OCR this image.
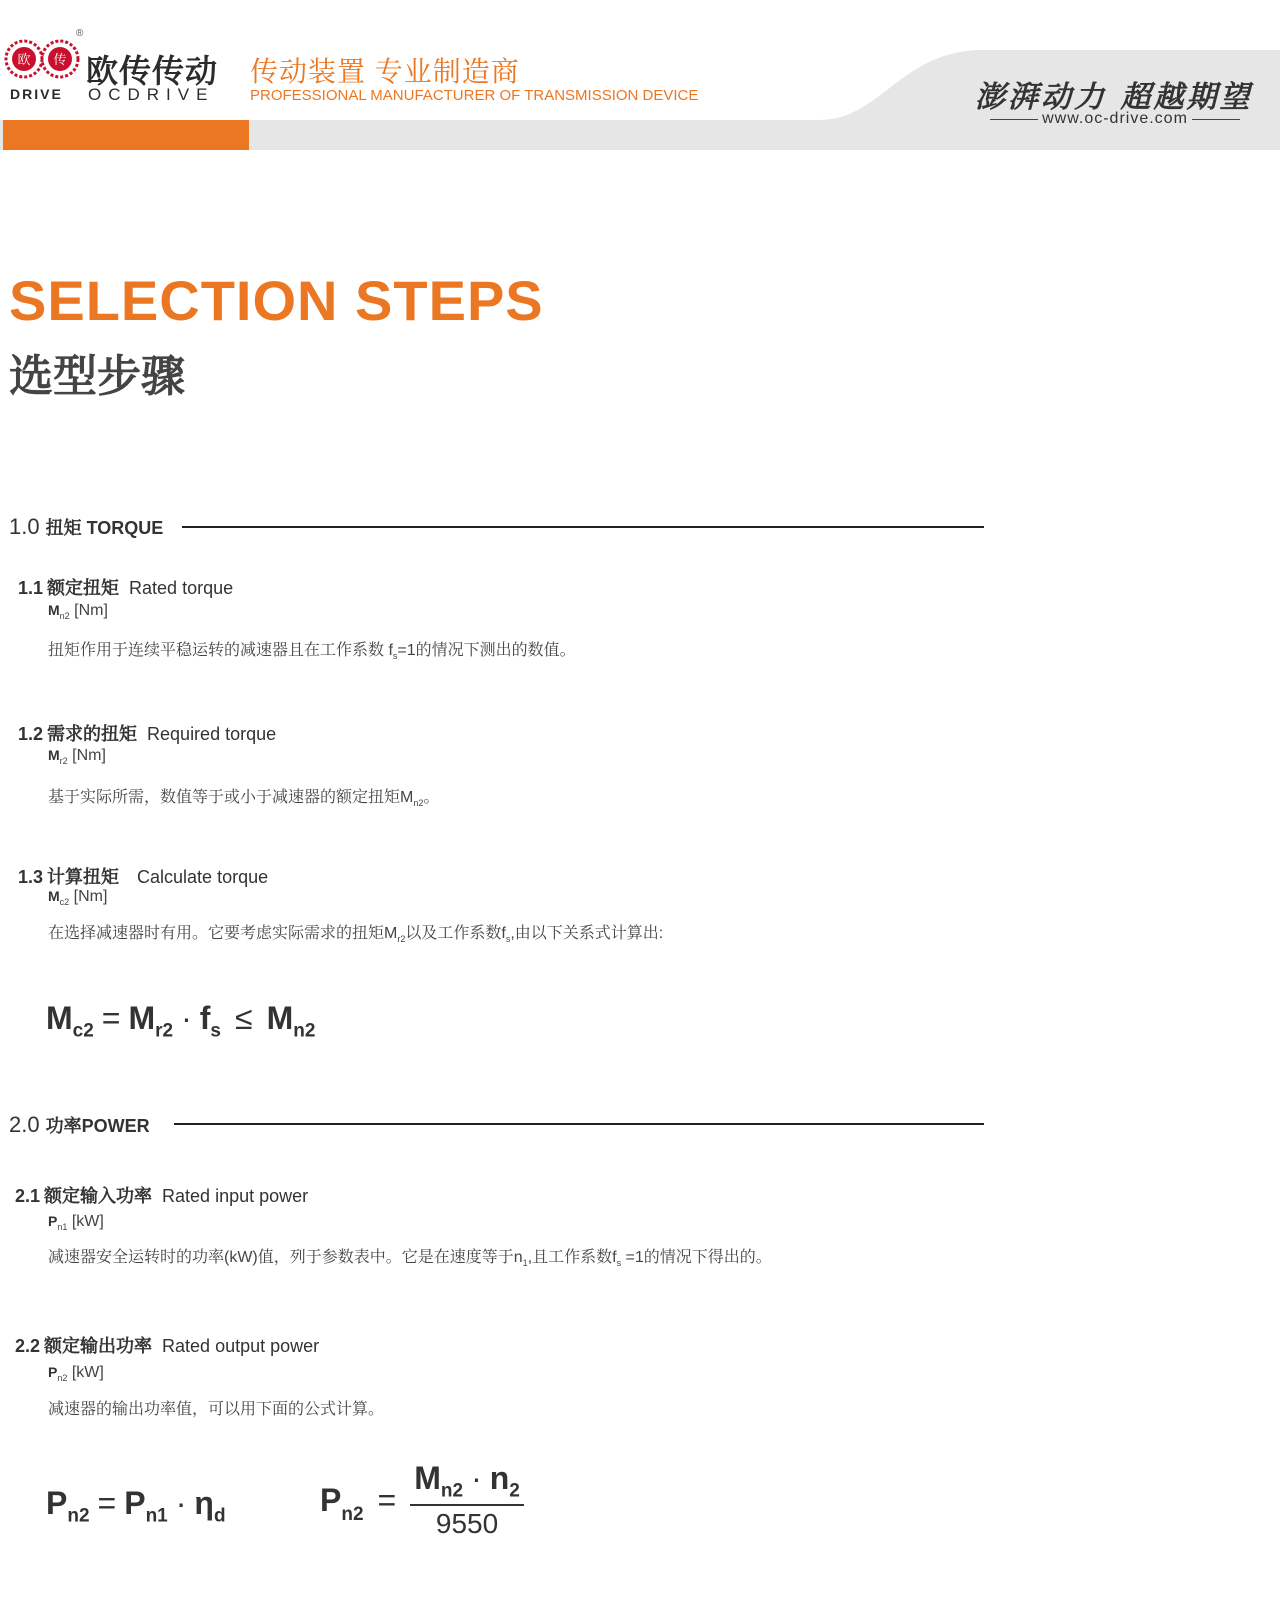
欧 传
®
欧传传动
DRIVE OCDRIVE
传动装置 专业制造商
PROFESSIONAL MANUFACTURER OF TRANSMISSION DEVICE	澎湃动力 超越期望
www.oc-drive.com
SELECTION STEPS
选型步骤
1.0 扭矩 TORQUE
1.1 额定扭矩 Rated torque
$M_{n2}$ [Nm]
扭矩作用于连续平稳运转的减速器且在工作系数 $f_s=1$的情况下测出的数值。
1.2 需求的扭矩 Required torque
$M_{r2}$ [Nm]
基于实际所需，数值等于或小于减速器的额定扭矩$M_{n2}$。
1.3 计算扭矩 Calculate torque
$M_{c2}$ [Nm]
在选择减速器时有用。它要考虑实际需求的扭矩$M_{r2}$以及工作系数$f_s$,由以下关系式计算出:
$M_{c2} = M_{r2} \cdot f_s \le M_{n2}$
2.0 功率POWER
2.1 额定输入功率 Rated input power
$P_{n1}$ [kW]
减速器安全运转时的功率(kW)值，列于参数表中。它是在速度等于$n_1$,且工作系数$f_s =1$的情况下得出的。
2.2 额定输出功率 Rated output power
$P_{n2}$ [kW]
减速器的输出功率值，可以用下面的公式计算。
$P_{n2} = P_{n1} \cdot \eta_d$	$P_{n2} = \frac{M_{n2} \cdot n_2}{9550}$
